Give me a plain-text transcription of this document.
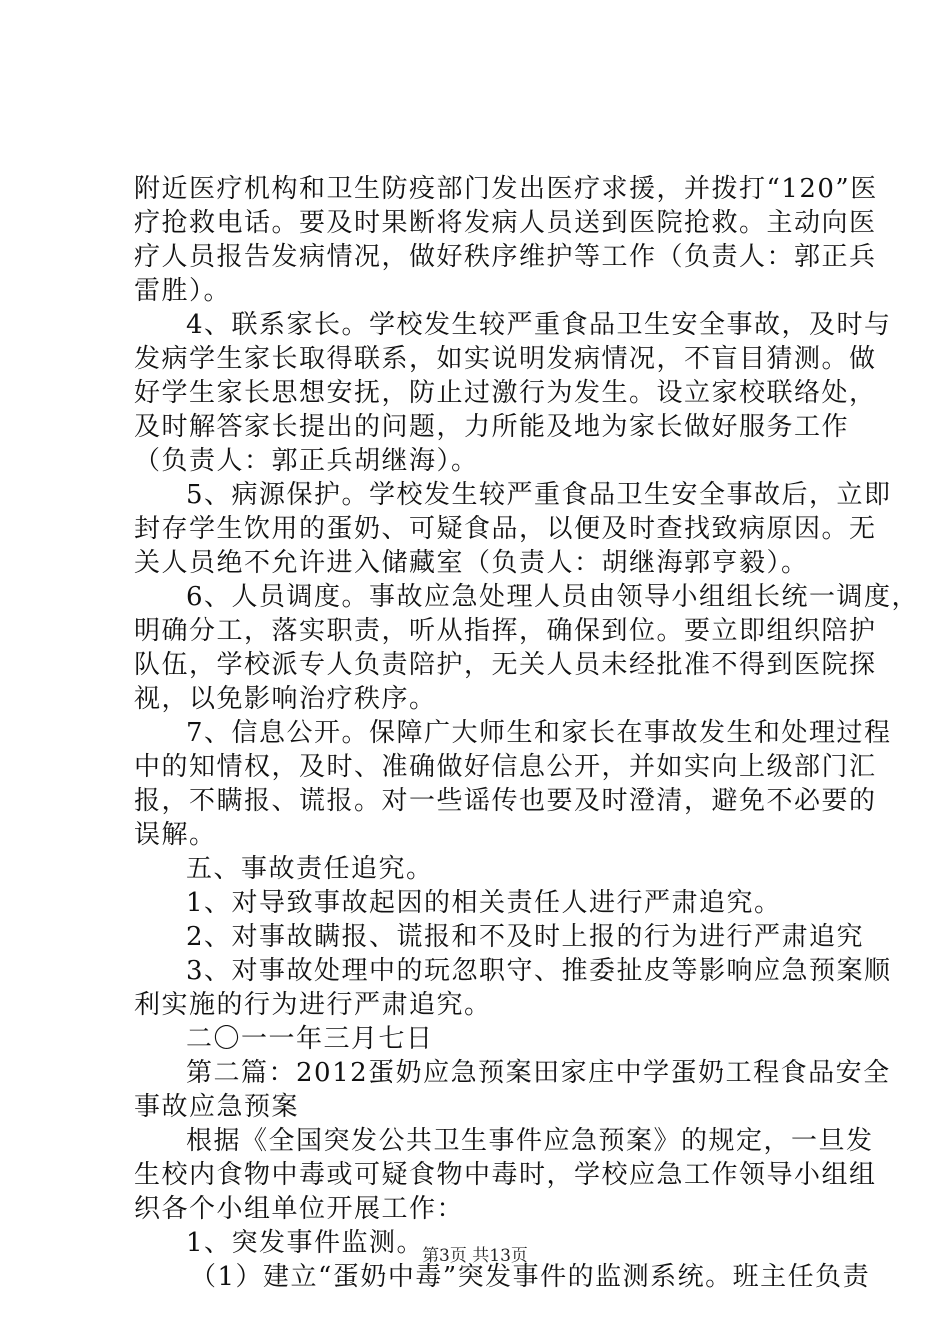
附近医疗机构和卫生防疫部门发出医疗求援，并拨打“120”医
疗抢救电话。要及时果断将发病人员送到医院抢救。主动向医
疗人员报告发病情况，做好秩序维护等工作（负责人：郭正兵
雷胜）。
4、联系家长。学校发生较严重食品卫生安全事故，及时与
发病学生家长取得联系，如实说明发病情况，不盲目猜测。做
好学生家长思想安抚，防止过激行为发生。设立家校联络处，
及时解答家长提出的问题，力所能及地为家长做好服务工作
（负责人：郭正兵胡继海）。
5、病源保护。学校发生较严重食品卫生安全事故后，立即
封存学生饮用的蛋奶、可疑食品，以便及时查找致病原因。无
关人员绝不允许进入储藏室（负责人：胡继海郭亨毅）。
6、人员调度。事故应急处理人员由领导小组组长统一调度，
明确分工，落实职责，听从指挥，确保到位。要立即组织陪护
队伍，学校派专人负责陪护，无关人员未经批准不得到医院探
视，以免影响治疗秩序。
7、信息公开。保障广大师生和家长在事故发生和处理过程
中的知情权，及时、准确做好信息公开，并如实向上级部门汇
报，不瞒报、谎报。对一些谣传也要及时澄清，避免不必要的
误解。
五、事故责任追究。
1、对导致事故起因的相关责任人进行严肃追究。
2、对事故瞒报、谎报和不及时上报的行为进行严肃追究
3、对事故处理中的玩忽职守、推委扯皮等影响应急预案顺
利实施的行为进行严肃追究。
二〇一一年三月七日
第二篇：2012蛋奶应急预案田家庄中学蛋奶工程食品安全
事故应急预案
根据《全国突发公共卫生事件应急预案》的规定，一旦发
生校内食物中毒或可疑食物中毒时，学校应急工作领导小组组
织各个小组单位开展工作：
1、突发事件监测。
（1）建立“蛋奶中毒”突发事件的监测系统。班主任负责
第3页 共13页
